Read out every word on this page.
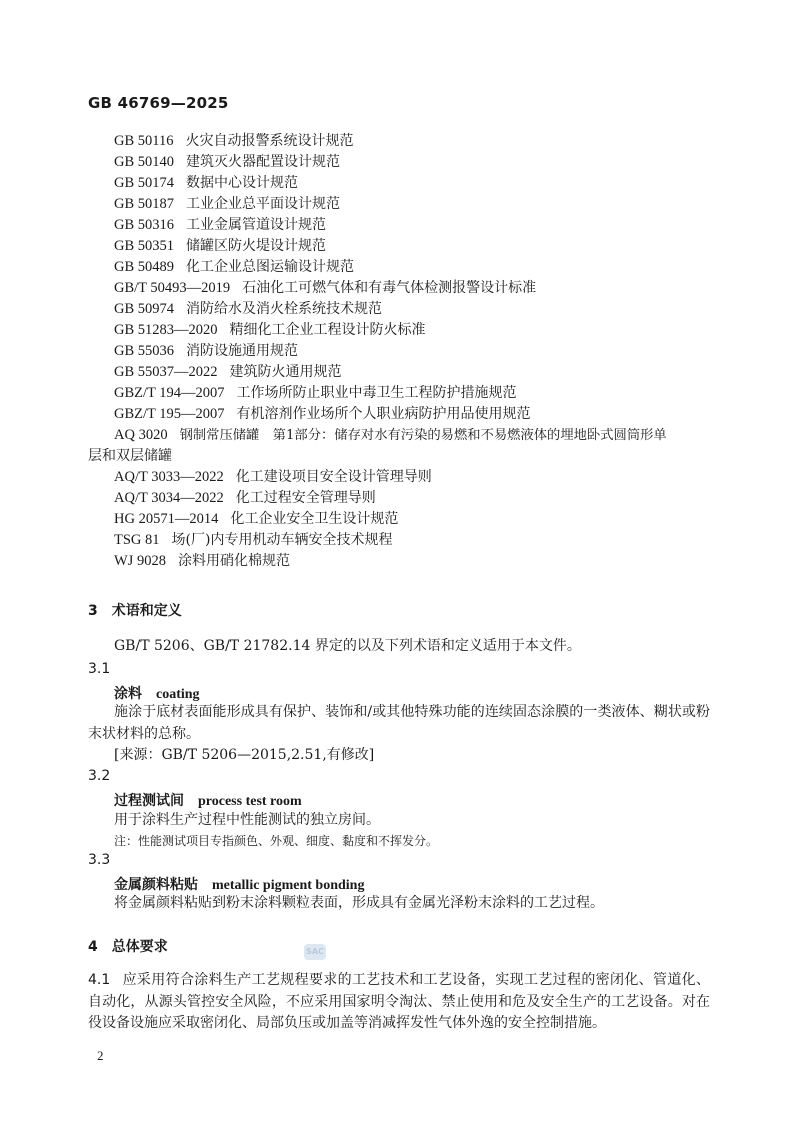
GB 46769—2025
GB 50116 火灾自动报警系统设计规范
GB 50140 建筑灭火器配置设计规范
GB 50174 数据中心设计规范
GB 50187 工业企业总平面设计规范
GB 50316 工业金属管道设计规范
GB 50351 储罐区防火堤设计规范
GB 50489 化工企业总图运输设计规范
GB/T 50493—2019 石油化工可燃气体和有毒气体检测报警设计标准
GB 50974 消防给水及消火栓系统技术规范
GB 51283—2020 精细化工企业工程设计防火标准
GB 55036 消防设施通用规范
GB 55037—2022 建筑防火通用规范
GBZ/T 194—2007 工作场所防止职业中毒卫生工程防护措施规范
GBZ/T 195—2007 有机溶剂作业场所个人职业病防护用品使用规范
AQ 3020 钢制常压储罐　第1部分：储存对水有污染的易燃和不易燃液体的埋地卧式圆筒形单
层和双层储罐
AQ/T 3033—2022 化工建设项目安全设计管理导则
AQ/T 3034—2022 化工过程安全管理导则
HG 20571—2014 化工企业安全卫生设计规范
TSG 81 场(厂)内专用机动车辆安全技术规程
WJ 9028 涂料用硝化棉规范
3 术语和定义
GB/T 5206、GB/T 21782.14 界定的以及下列术语和定义适用于本文件。
3.1
涂料 coating
施涂于底材表面能形成具有保护、装饰和/或其他特殊功能的连续固态涂膜的一类液体、糊状或粉末状材料的总称。
[来源：GB/T 5206—2015,2.51,有修改]
3.2
过程测试间 process test room
用于涂料生产过程中性能测试的独立房间。
注：性能测试项目专指颜色、外观、细度、黏度和不挥发分。
3.3
金属颜料粘贴 metallic pigment bonding
将金属颜料粘贴到粉末涂料颗粒表面，形成具有金属光泽粉末涂料的工艺过程。
4 总体要求	SAC
4.1 应采用符合涂料生产工艺规程要求的工艺技术和工艺设备，实现工艺过程的密闭化、管道化、自动化，从源头管控安全风险，不应采用国家明令淘汰、禁止使用和危及安全生产的工艺设备。对在役设备设施应采取密闭化、局部负压或加盖等消减挥发性气体外逸的安全控制措施。
2
